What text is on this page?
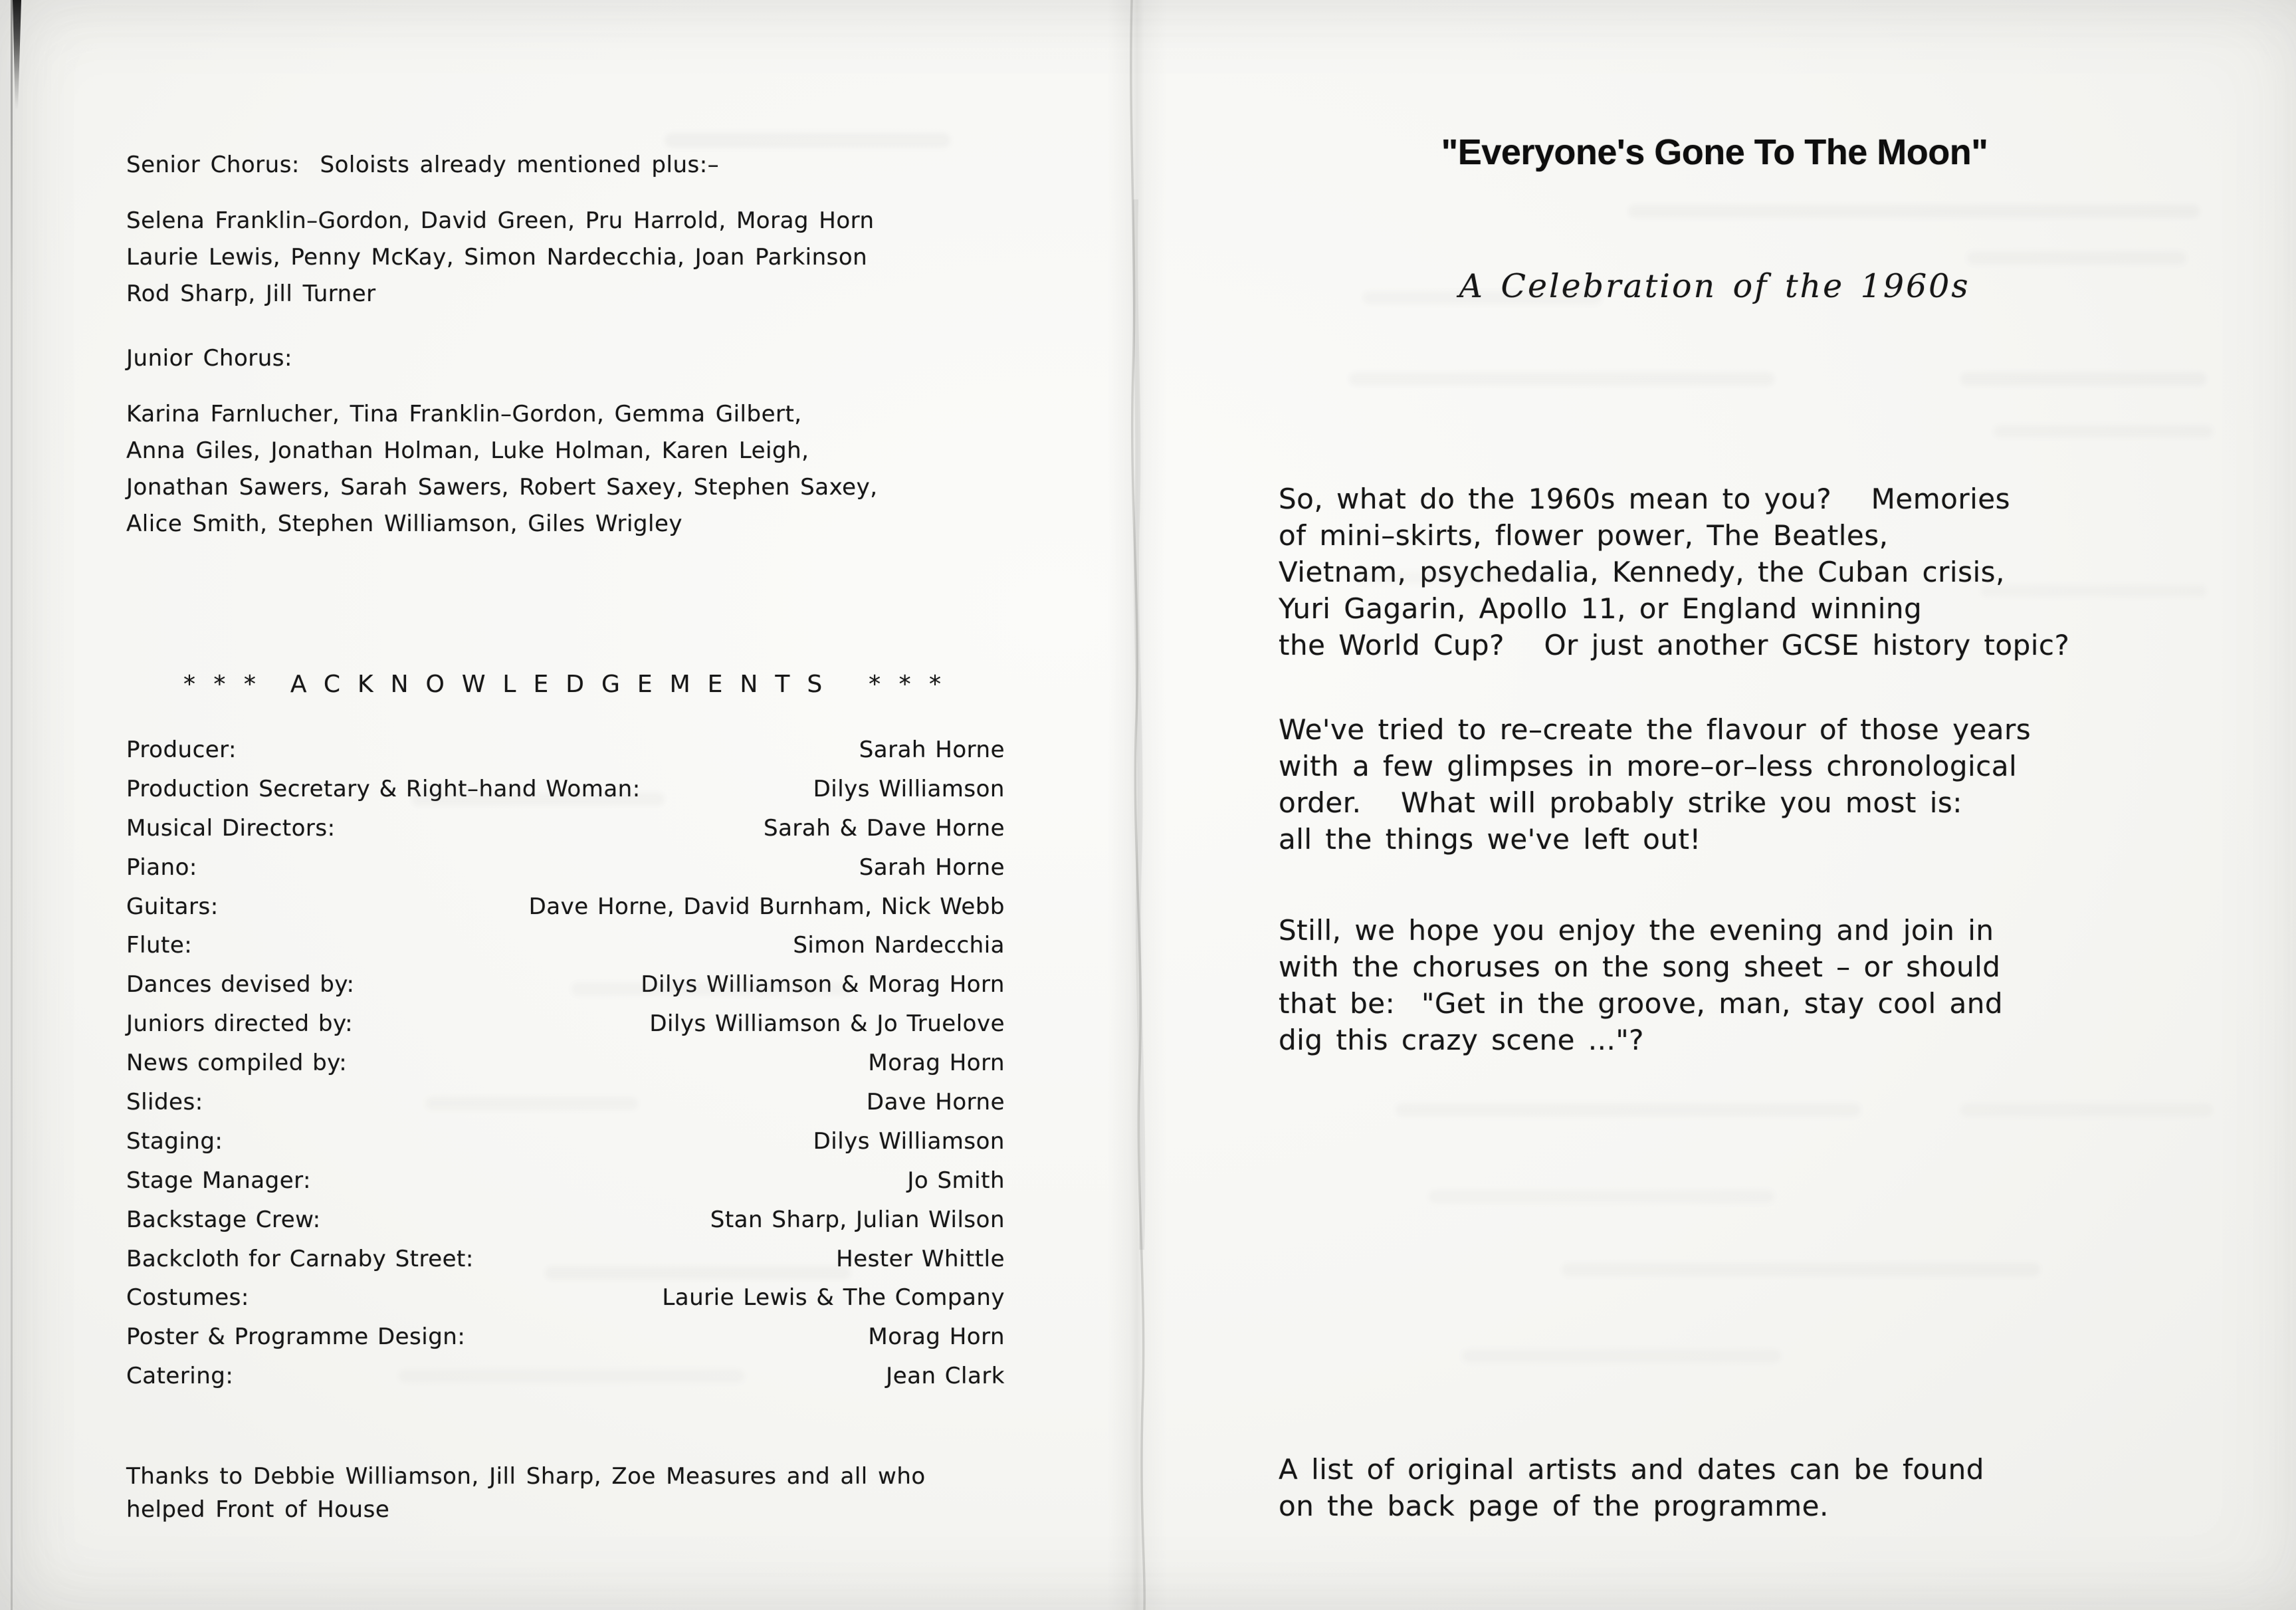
Senior Chorus:  Soloists already mentioned plus:–
Selena Franklin–Gordon, David Green, Pru Harrold, Morag Horn
Laurie Lewis, Penny McKay, Simon Nardecchia, Joan Parkinson
Rod Sharp, Jill Turner
Junior Chorus:
Karina Farnlucher, Tina Franklin–Gordon, Gemma Gilbert,
Anna Giles, Jonathan Holman, Luke Holman, Karen Leigh,
Jonathan Sawers, Sarah Sawers, Robert Saxey, Stephen Saxey,
Alice Smith, Stephen Williamson, Giles Wrigley
* * * ACKNOWLEDGEMENTS * * *
Producer:	Sarah Horne
Production Secretary & Right–hand Woman:	Dilys Williamson
Musical Directors:	Sarah & Dave Horne
Piano:	Sarah Horne
Guitars:	Dave Horne, David Burnham, Nick Webb
Flute:	Simon Nardecchia
Dances devised by:	Dilys Williamson & Morag Horn
Juniors directed by:	Dilys Williamson & Jo Truelove
News compiled by:	Morag Horn
Slides:	Dave Horne
Staging:	Dilys Williamson
Stage Manager:	Jo Smith
Backstage Crew:	Stan Sharp, Julian Wilson
Backcloth for Carnaby Street:	Hester Whittle
Costumes:	Laurie Lewis & The Company
Poster & Programme Design:	Morag Horn
Catering:	Jean Clark
Thanks to Debbie Williamson, Jill Sharp, Zoe Measures and all who
helped Front of House
"Everyone's Gone To The Moon"
A Celebration of the 1960s
So, what do the 1960s mean to you?   Memories
of mini–skirts, flower power, The Beatles,
Vietnam, psychedalia, Kennedy, the Cuban crisis,
Yuri Gagarin, Apollo 11, or England winning
the World Cup?   Or just another GCSE history topic?
We've tried to re–create the flavour of those years
with a few glimpses in more–or–less chronological
order.   What will probably strike you most is:
all the things we've left out!
Still, we hope you enjoy the evening and join in
with the choruses on the song sheet – or should
that be:  "Get in the groove, man, stay cool and
dig this crazy scene ..."?
A list of original artists and dates can be found
on the back page of the programme.
